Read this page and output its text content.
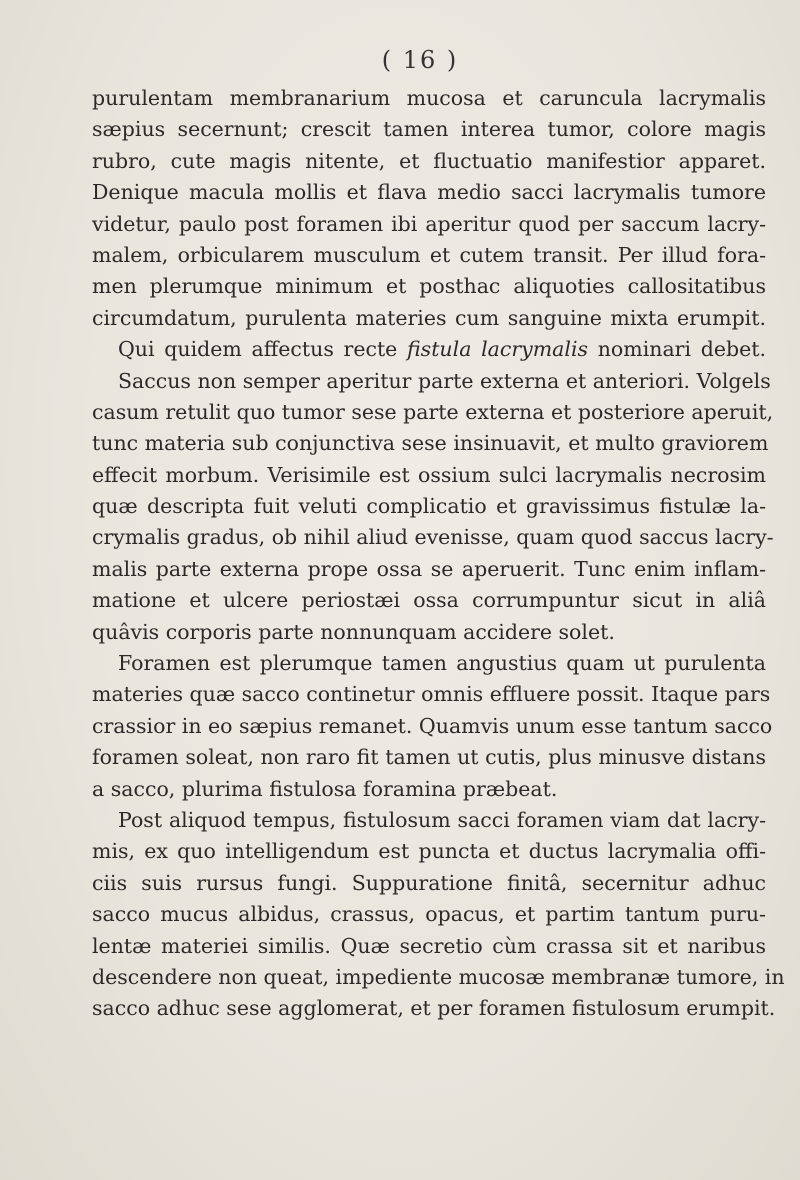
( 16 )
purulentam membranarium mucosa et caruncula lacrymalis
sæpius secernunt; crescit tamen interea tumor, colore magis
rubro, cute magis nitente, et fluctuatio manifestior apparet.
Denique macula mollis et flava medio sacci lacrymalis tumore
videtur, paulo post foramen ibi aperitur quod per saccum lacry-
malem, orbicularem musculum et cutem transit. Per illud fora-
men plerumque minimum et posthac aliquoties callositatibus
circumdatum, purulenta materies cum sanguine mixta erumpit.
Qui quidem affectus recte fistula lacrymalis nominari debet.
Saccus non semper aperitur parte externa et anteriori. Volgels
casum retulit quo tumor sese parte externa et posteriore aperuit,
tunc materia sub conjunctiva sese insinuavit, et multo graviorem
effecit morbum. Verisimile est ossium sulci lacrymalis necrosim
quæ descripta fuit veluti complicatio et gravissimus fistulæ la-
crymalis gradus, ob nihil aliud evenisse, quam quod saccus lacry-
malis parte externa prope ossa se aperuerit. Tunc enim inflam-
matione et ulcere periostæi ossa corrumpuntur sicut in aliâ
quâvis corporis parte nonnunquam accidere solet.
Foramen est plerumque tamen angustius quam ut purulenta
materies quæ sacco continetur omnis effluere possit. Itaque pars
crassior in eo sæpius remanet. Quamvis unum esse tantum sacco
foramen soleat, non raro fit tamen ut cutis, plus minusve distans
a sacco, plurima fistulosa foramina præbeat.
Post aliquod tempus, fistulosum sacci foramen viam dat lacry-
mis, ex quo intelligendum est puncta et ductus lacrymalia offi-
ciis suis rursus fungi. Suppuratione finitâ, secernitur adhuc
sacco mucus albidus, crassus, opacus, et partim tantum puru-
lentæ materiei similis. Quæ secretio cùm crassa sit et naribus
descendere non queat, impediente mucosæ membranæ tumore, in
sacco adhuc sese agglomerat, et per foramen fistulosum erumpit.
